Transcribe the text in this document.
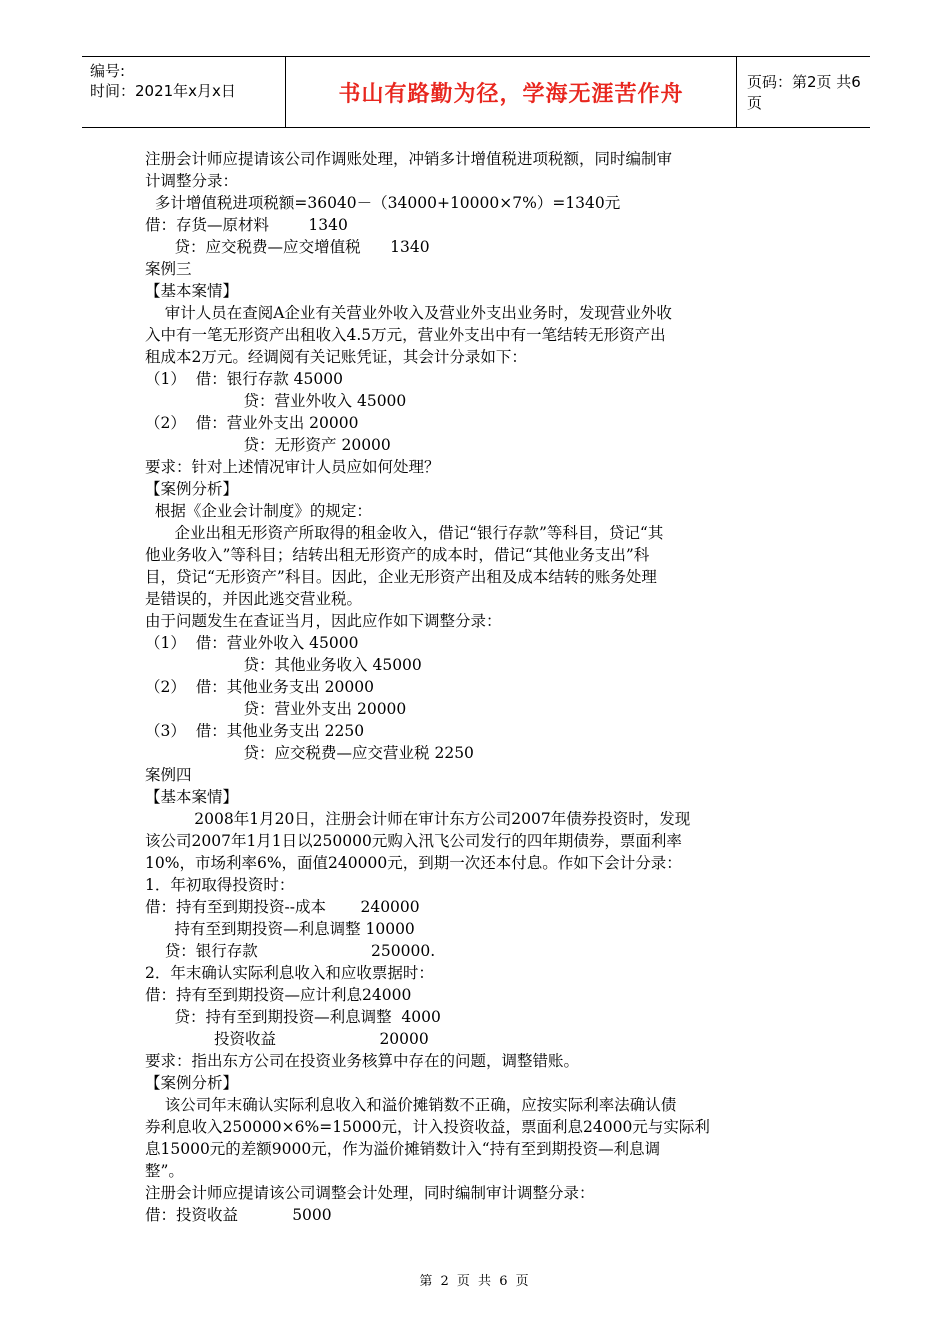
编号:
时间：2021年x月x日	书山有路勤为径，学海无涯苦作舟	页码：第2页 共6页
注册会计师应提请该公司作调账处理，冲销多计增值税进项税额，同时编制审
计调整分录：
多计增值税进项税额=36040－（34000+10000×7%）=1340元
借：存货—原材料        1340
贷：应交税费—应交增值税      1340
案例三
【基本案情】
审计人员在查阅A企业有关营业外收入及营业外支出业务时，发现营业外收
入中有一笔无形资产出租收入4.5万元，营业外支出中有一笔结转无形资产出
租成本2万元。经调阅有关记账凭证，其会计分录如下：
（1）  借：银行存款 45000
贷：营业外收入 45000
（2）  借：营业外支出 20000
贷：无形资产 20000
要求：针对上述情况审计人员应如何处理？
【案例分析】
根据《企业会计制度》的规定：
企业出租无形资产所取得的租金收入，借记“银行存款”等科目，贷记“其
他业务收入”等科目；结转出租无形资产的成本时，借记“其他业务支出”科
目，贷记“无形资产”科目。因此，企业无形资产出租及成本结转的账务处理
是错误的，并因此逃交营业税。
由于问题发生在查证当月，因此应作如下调整分录：
（1）  借：营业外收入 45000
贷：其他业务收入 45000
（2）  借：其他业务支出 20000
贷：营业外支出 20000
（3）  借：其他业务支出 2250
贷：应交税费—应交营业税 2250
案例四
【基本案情】
2008年1月20日，注册会计师在审计东方公司2007年债券投资时，发现
该公司2007年1月1日以250000元购入汛飞公司发行的四年期债券，票面利率
10%，市场利率6%，面值240000元，到期一次还本付息。作如下会计分录：
1．年初取得投资时：
借：持有至到期投资--成本       240000
持有至到期投资—利息调整 10000
贷：银行存款                       250000.
2．年末确认实际利息收入和应收票据时：
借：持有至到期投资—应计利息24000
贷：持有至到期投资—利息调整  4000
投资收益                     20000
要求：指出东方公司在投资业务核算中存在的问题，调整错账。
【案例分析】
该公司年末确认实际利息收入和溢价摊销数不正确，应按实际利率法确认债
券利息收入250000×6%=15000元，计入投资收益，票面利息24000元与实际利
息15000元的差额9000元，作为溢价摊销数计入“持有至到期投资—利息调
整”。
注册会计师应提请该公司调整会计处理，同时编制审计调整分录：
借：投资收益           5000
第 2 页 共 6 页
